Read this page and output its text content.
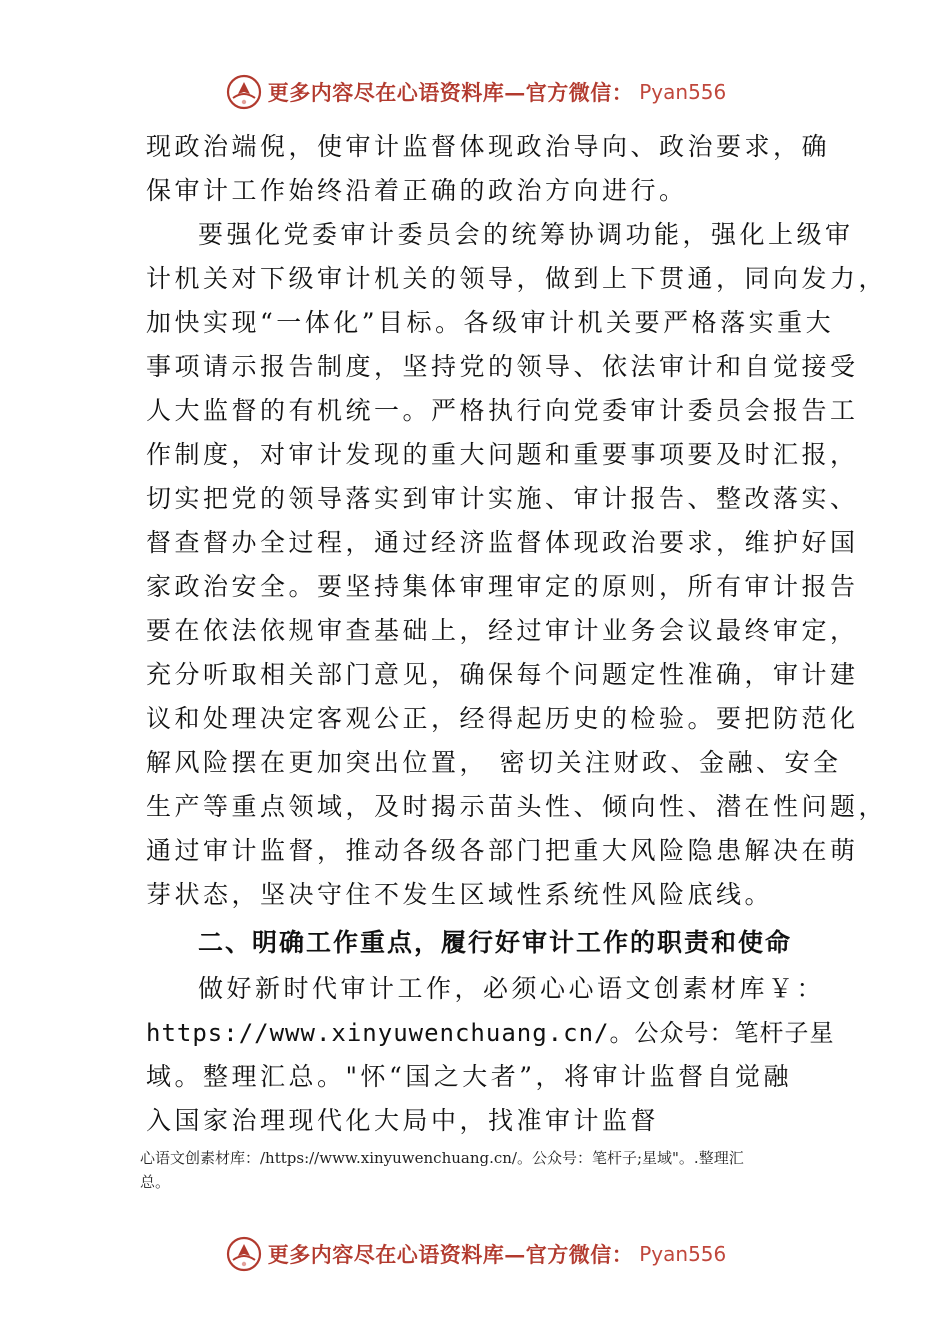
更多内容尽在心语资料库—官方微信： Pyan556
现政治端倪，使审计监督体现政治导向、政治要求，确
保审计工作始终沿着正确的政治方向进行。
要强化党委审计委员会的统筹协调功能，强化上级审
计机关对下级审计机关的领导，做到上下贯通，同向发力，
加快实现“一体化”目标。各级审计机关要严格落实重大
事项请示报告制度，坚持党的领导、依法审计和自觉接受
人大监督的有机统一。严格执行向党委审计委员会报告工
作制度，对审计发现的重大问题和重要事项要及时汇报，
切实把党的领导落实到审计实施、审计报告、整改落实、
督查督办全过程，通过经济监督体现政治要求，维护好国
家政治安全。要坚持集体审理审定的原则，所有审计报告
要在依法依规审查基础上，经过审计业务会议最终审定，
充分听取相关部门意见，确保每个问题定性准确，审计建
议和处理决定客观公正，经得起历史的检验。要把防范化
解风险摆在更加突出位置， 密切关注财政、金融、安全
生产等重点领域，及时揭示苗头性、倾向性、潜在性问题，
通过审计监督，推动各级各部门把重大风险隐患解决在萌
芽状态，坚决守住不发生区域性系统性风险底线。
二、明确工作重点，履行好审计工作的职责和使命
做好新时代审计工作，必须心心语文创素材库￥：
https://www.xinyuwenchuang.cn/。公众号：笔杆子星
域。整理汇总。"怀“国之大者”，将审计监督自觉融
入国家治理现代化大局中，找准审计监督
心语文创素材库：/https://www.xinyuwenchuang.cn/。公众号：笔杆子;星域"。.整理汇
总。
更多内容尽在心语资料库—官方微信： Pyan556
